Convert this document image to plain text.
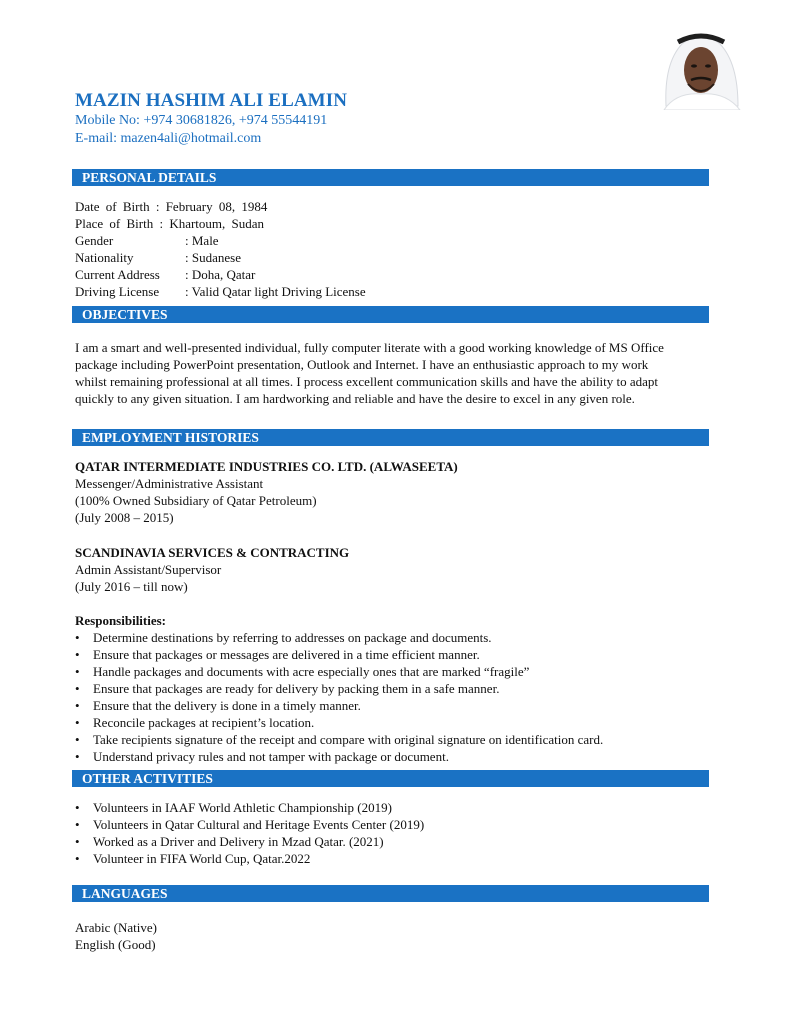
MAZIN HASHIM ALI ELAMIN
Mobile No: +974 30681826, +974 55544191
E-mail: mazen4ali@hotmail.com
PERSONAL DETAILS
Date of Birth : February 08, 1984
Place of Birth : Khartoum, Sudan
Gender	: Male
Nationality	: Sudanese
Current Address : Doha, Qatar
Driving License : Valid Qatar light Driving License
OBJECTIVES
I am a smart and well-presented individual, fully computer literate with a good working knowledge of MS Office
package including PowerPoint presentation, Outlook and Internet. I have an enthusiastic approach to my work
whilst remaining professional at all times. I process excellent communication skills and have the ability to adapt
quickly to any given situation. I am hardworking and reliable and have the desire to excel in any given role.
EMPLOYMENT HISTORIES
QATAR INTERMEDIATE INDUSTRIES CO. LTD. (ALWASEETA)
Messenger/Administrative Assistant
(100% Owned Subsidiary of Qatar Petroleum)
(July 2008 – 2015)
SCANDINAVIA SERVICES & CONTRACTING
Admin Assistant/Supervisor
(July 2016 – till now)
Responsibilities:
• Determine destinations by referring to addresses on package and documents.
• Ensure that packages or messages are delivered in a time efficient manner.
• Handle packages and documents with acre especially ones that are marked “fragile”
• Ensure that packages are ready for delivery by packing them in a safe manner.
• Ensure that the delivery is done in a timely manner.
• Reconcile packages at recipient’s location.
• Take recipients signature of the receipt and compare with original signature on identification card.
• Understand privacy rules and not tamper with package or document.
OTHER ACTIVITIES
• Volunteers in IAAF World Athletic Championship (2019)
• Volunteers in Qatar Cultural and Heritage Events Center (2019)
• Worked as a Driver and Delivery in Mzad Qatar. (2021)
• Volunteer in FIFA World Cup, Qatar.2022
LANGUAGES
Arabic (Native)
English (Good)
